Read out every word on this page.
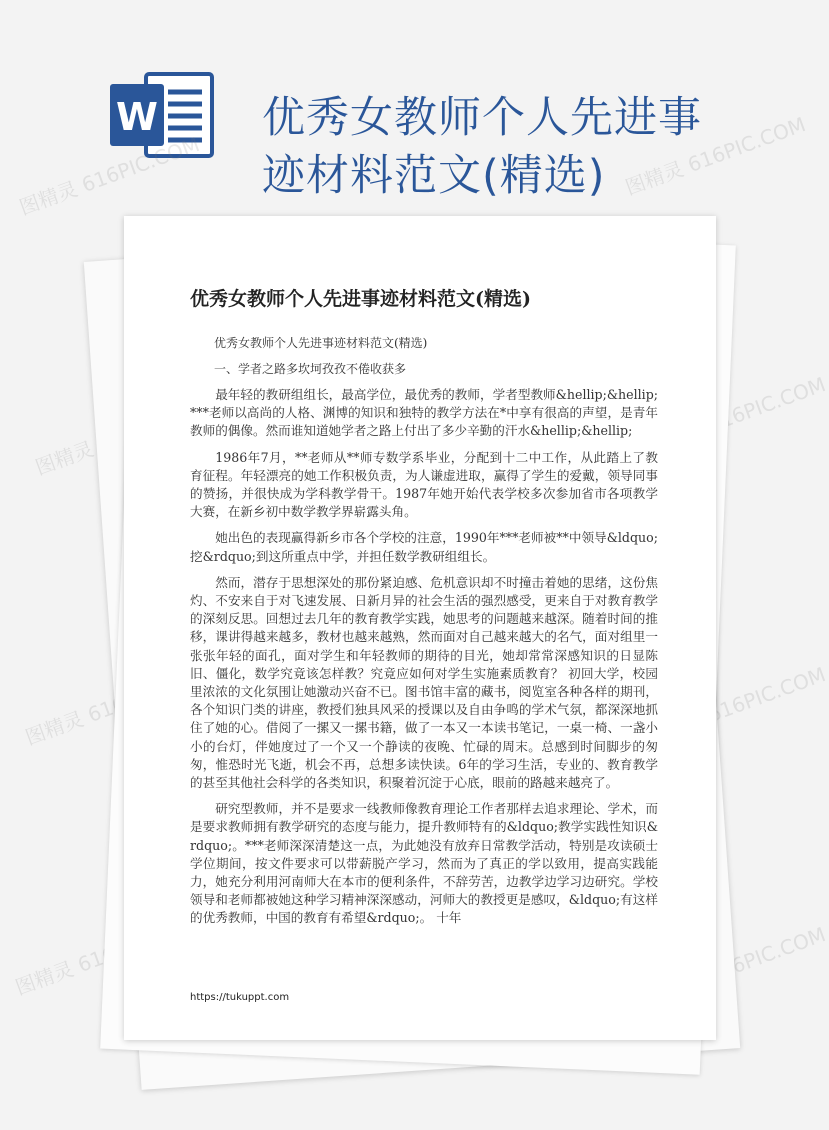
W 优秀女教师个人先进事
迹材料范文(精选)
图精灵 616PIC.COM	图精灵 616PIC.COM
图精灵	图精灵 616PIC.COM
图精灵	图精灵 616PIC.COM
图精灵	图精灵 616PIC.COM
优秀女教师个人先进事迹材料范文(精选)
优秀女教师个人先进事迹材料范文(精选)
一、学者之路多坎坷孜孜不倦收获多

最年轻的教研组组长，最高学位，最优秀的教师，学者型教师&hellip;&hellip;***老师以高尚的人格、渊博的知识和独特的教学方法在*中享有很高的声望，是青年教师的偶像。然而谁知道她学者之路上付出了多少辛勤的汗水&hellip;&hellip;

1986年7月，**老师从**师专数学系毕业，分配到十二中工作，从此踏上了教育征程。年轻漂亮的她工作积极负责，为人谦虚进取，赢得了学生的爱戴，领导同事的赞扬，并很快成为学科教学骨干。1987年她开始代表学校多次参加省市各项教学大赛，在新乡初中数学教学界崭露头角。

她出色的表现赢得新乡市各个学校的注意，1990年***老师被**中领导&ldquo;挖&rdquo;到这所重点中学，并担任数学教研组组长。

然而，潜存于思想深处的那份紧迫感、危机意识却不时撞击着她的思绪，这份焦灼、不安来自于对飞速发展、日新月异的社会生活的强烈感受，更来自于对教育教学的深刻反思。回想过去几年的教育教学实践，她思考的问题越来越深。随着时间的推移，课讲得越来越多，教材也越来越熟，然而面对自己越来越大的名气，面对组里一张张年轻的面孔，面对学生和年轻教师的期待的目光，她却常常深感知识的日显陈旧、僵化，数学究竟该怎样教？究竟应如何对学生实施素质教育？ 初回大学，校园里浓浓的文化氛围让她激动兴奋不已。图书馆丰富的藏书，阅览室各种各样的期刊，各个知识门类的讲座，教授们独具风采的授课以及自由争鸣的学术气氛，都深深地抓住了她的心。借阅了一摞又一摞书籍，做了一本又一本读书笔记，一桌一椅、一盏小小的台灯，伴她度过了一个又一个静读的夜晚、忙碌的周末。总感到时间脚步的匆匆，惟恐时光飞逝，机会不再，总想多读快读。6年的学习生活，专业的、教育教学的甚至其他社会科学的各类知识，积聚着沉淀于心底，眼前的路越来越亮了。

研究型教师，并不是要求一线教师像教育理论工作者那样去追求理论、学术，而是要求教师拥有教学研究的态度与能力，提升教师特有的&ldquo;教学实践性知识&rdquo;。***老师深深清楚这一点，为此她没有放弃日常教学活动，特别是攻读硕士学位期间，按文件要求可以带薪脱产学习，然而为了真正的学以致用，提高实践能力，她充分利用河南师大在本市的便利条件，不辞劳苦，边教学边学习边研究。学校领导和老师都被她这种学习精神深深感动，河师大的教授更是感叹，&ldquo;有这样的优秀教师，中国的教育有希望&rdquo;。 十年

https://tukuppt.com
